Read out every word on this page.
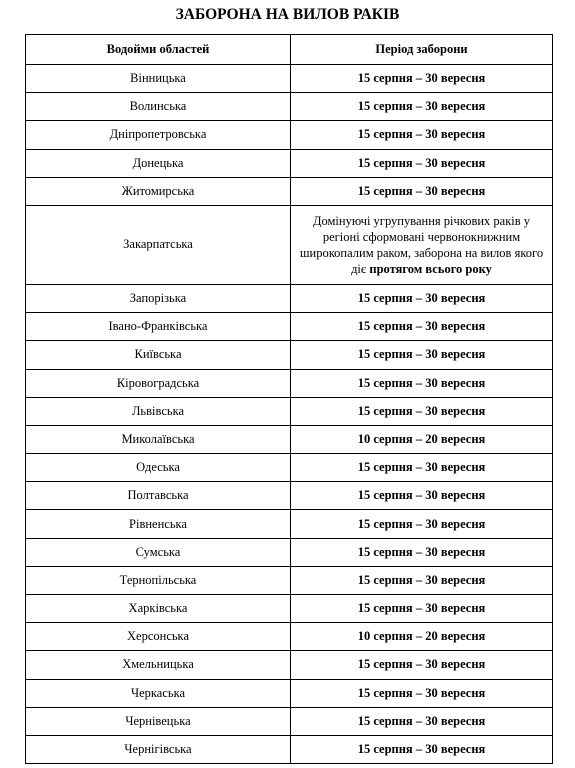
ЗАБОРОНА НА ВИЛОВ РАКІВ
Водойми областей	Період заборони
Вінницька	15 серпня – 30 вересня
Волинська	15 серпня – 30 вересня
Дніпропетровська	15 серпня – 30 вересня
Донецька	15 серпня – 30 вересня
Житомирська	15 серпня – 30 вересня
Закарпатська	Домінуючі угрупування річкових раків у регіоні сформовані червонокнижним широкопалим раком, заборона на вилов якого діє протягом всього року
Запорізька	15 серпня – 30 вересня
Івано-Франківська	15 серпня – 30 вересня
Київська	15 серпня – 30 вересня
Кіровоградська	15 серпня – 30 вересня
Львівська	15 серпня – 30 вересня
Миколаївська	10 серпня – 20 вересня
Одеська	15 серпня – 30 вересня
Полтавська	15 серпня – 30 вересня
Рівненська	15 серпня – 30 вересня
Сумська	15 серпня – 30 вересня
Тернопільська	15 серпня – 30 вересня
Харківська	15 серпня – 30 вересня
Херсонська	10 серпня – 20 вересня
Хмельницька	15 серпня – 30 вересня
Черкаська	15 серпня – 30 вересня
Чернівецька	15 серпня – 30 вересня
Чернігівська	15 серпня – 30 вересня
